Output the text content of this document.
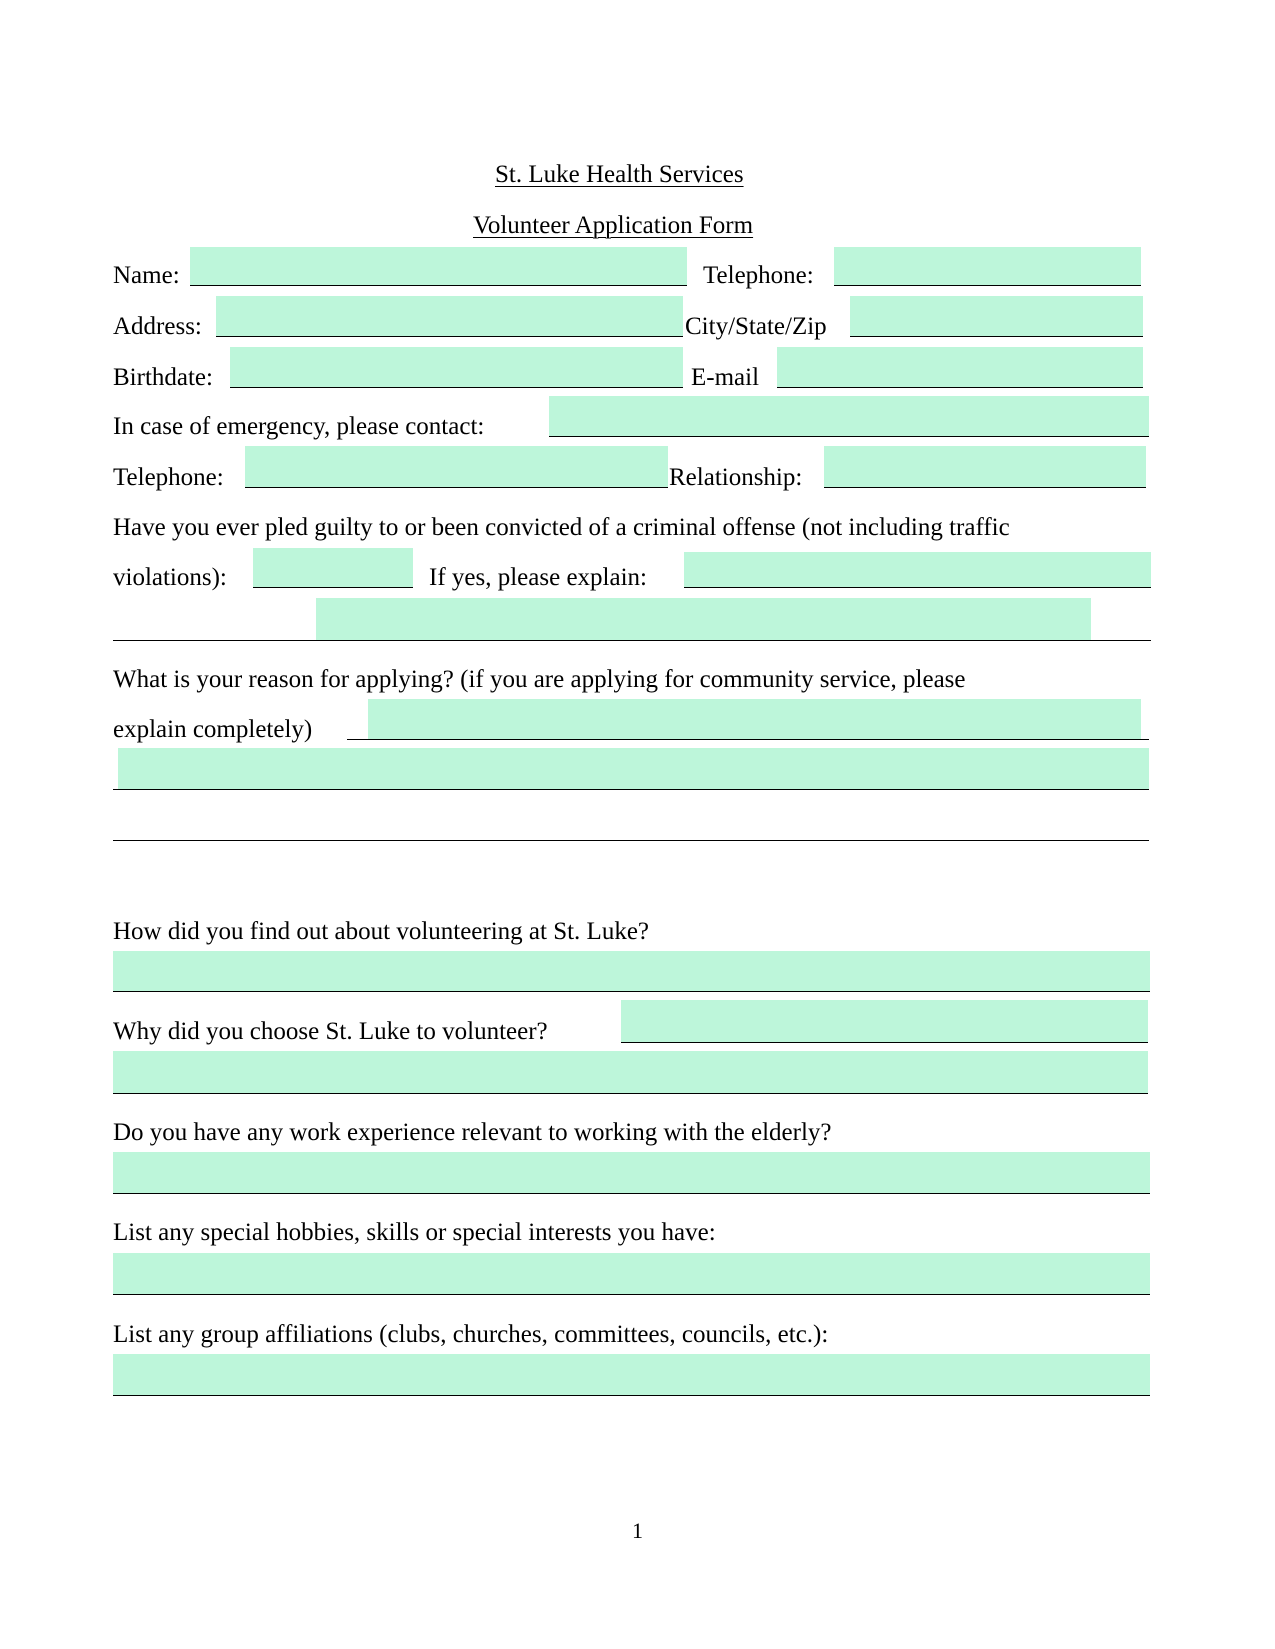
St. Luke Health Services
Volunteer Application Form
Name:	Telephone:
Address:	City/State/Zip
Birthdate:	E-mail
In case of emergency, please contact:
Telephone:	Relationship:
Have you ever pled guilty to or been convicted of a criminal offense (not including traffic
violations):	If yes, please explain:
What is your reason for applying? (if you are applying for community service, please
explain completely)
How did you find out about volunteering at St. Luke?
Why did you choose St. Luke to volunteer?
Do you have any work experience relevant to working with the elderly?
List any special hobbies, skills or special interests you have:
List any group affiliations (clubs, churches, committees, councils, etc.):
1
